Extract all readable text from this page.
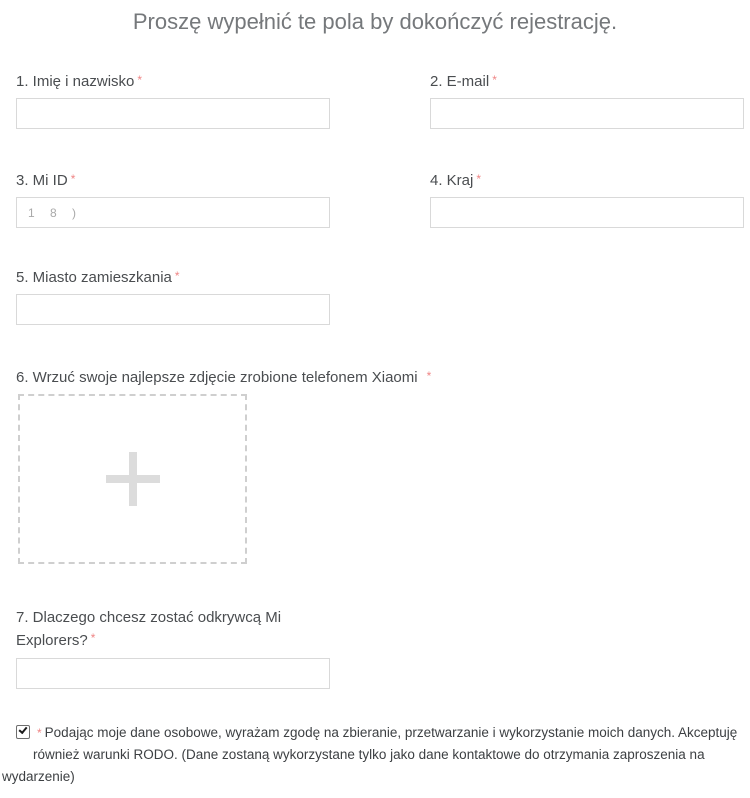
Proszę wypełnić te pola by dokończyć rejestrację.
1. Imię i nazwisko *	2. E-mail *
3. Mi ID *
1 8 )	4. Kraj *
5. Miasto zamieszkania *
6. Wrzuć swoje najlepsze zdjęcie zrobione telefonem Xiaomi *
7. Dlaczego chcesz zostać odkrywcą Mi Explorers? *
* Podając moje dane osobowe, wyrażam zgodę na zbieranie, przetwarzanie i wykorzystanie moich danych. Akceptuję
również warunki RODO. (Dane zostaną wykorzystane tylko jako dane kontaktowe do otrzymania zaproszenia na
wydarzenie)
